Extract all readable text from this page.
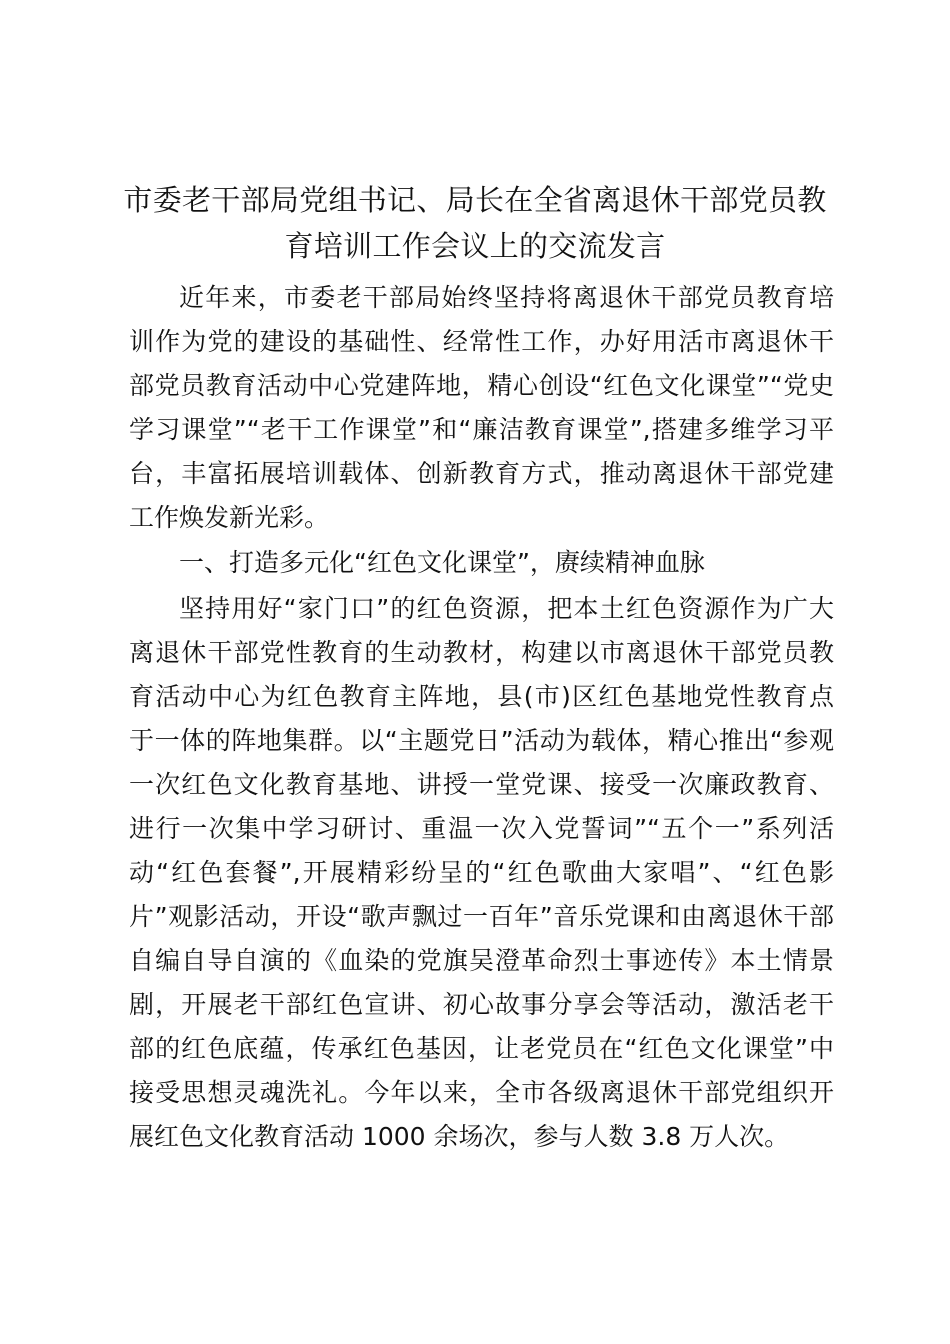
市委老干部局党组书记、局长在全省离退休干部党员教
育培训工作会议上的交流发言
近年来，市委老干部局始终坚持将离退休干部党员教育培
训作为党的建设的基础性、经常性工作，办好用活市离退休干
部党员教育活动中心党建阵地，精心创设“红色文化课堂”“党史
学习课堂”“老干工作课堂”和“廉洁教育课堂”,搭建多维学习平
台，丰富拓展培训载体、创新教育方式，推动离退休干部党建
工作焕发新光彩。
一、打造多元化“红色文化课堂”，赓续精神血脉
坚持用好“家门口”的红色资源，把本土红色资源作为广大
离退休干部党性教育的生动教材，构建以市离退休干部党员教
育活动中心为红色教育主阵地，县(市)区红色基地党性教育点
于一体的阵地集群。以“主题党日”活动为载体，精心推出“参观
一次红色文化教育基地、讲授一堂党课、接受一次廉政教育、
进行一次集中学习研讨、重温一次入党誓词”“五个一”系列活
动“红色套餐”,开展精彩纷呈的“红色歌曲大家唱”、“红色影
片”观影活动，开设“歌声飘过一百年”音乐党课和由离退休干部
自编自导自演的《血染的党旗吴澄革命烈士事迹传》本土情景
剧，开展老干部红色宣讲、初心故事分享会等活动，激活老干
部的红色底蕴，传承红色基因，让老党员在“红色文化课堂”中
接受思想灵魂洗礼。今年以来，全市各级离退休干部党组织开
展红色文化教育活动 1000 余场次，参与人数 3.8 万人次。
